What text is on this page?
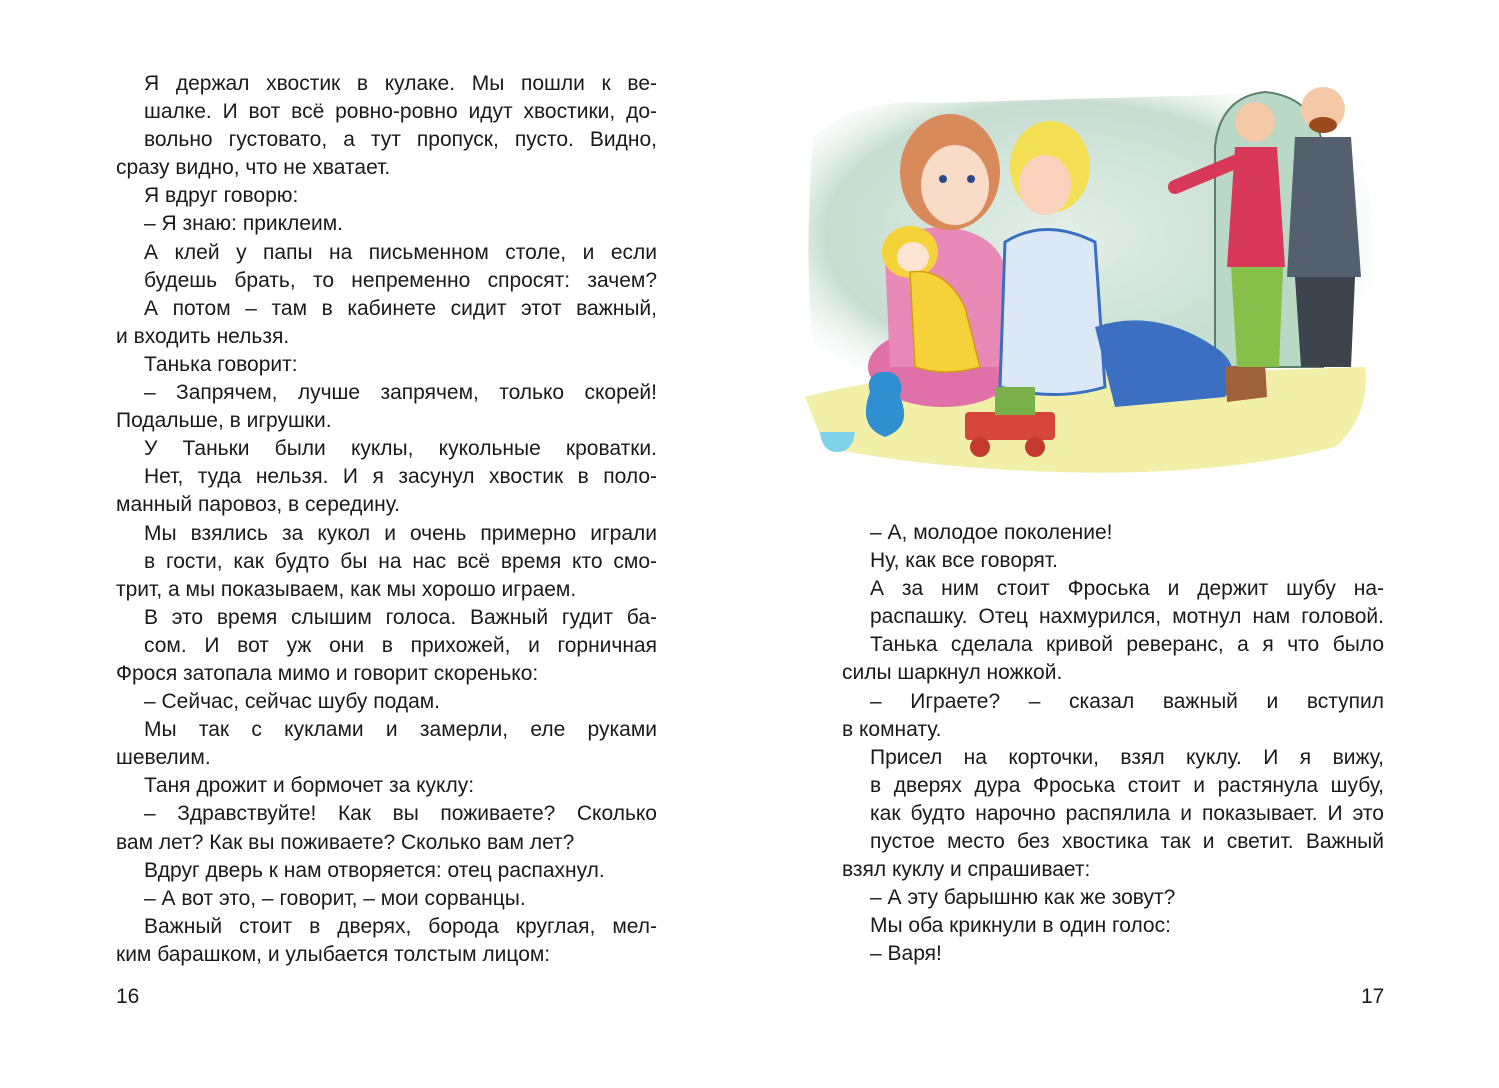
Я держал хвостик в кулаке. Мы пошли к ве-
шалке. И вот всё ровно-ровно идут хвостики, до-
вольно густовато, а тут пропуск, пусто. Видно,
сразу видно, что не хватает.

Я вдруг говорю:

– Я знаю: приклеим.

А клей у папы на письменном столе, и если
будешь брать, то непременно спросят: зачем?
А потом – там в кабинете сидит этот важный,
и входить нельзя.

Танька говорит:

– Запрячем, лучше запрячем, только скорей!
Подальше, в игрушки.

У Таньки были куклы, кукольные кроватки.
Нет, туда нельзя. И я засунул хвостик в поло-
манный паровоз, в середину.

Мы взялись за кукол и очень примерно играли
в гости, как будто бы на нас всё время кто смо-
трит, а мы показываем, как мы хорошо играем.

В это время слышим голоса. Важный гудит ба-
сом. И вот уж они в прихожей, и горничная
Фрося затопала мимо и говорит скоренько:

– Сейчас, сейчас шубу подам.

Мы так с куклами и замерли, еле руками
шевелим.

Таня дрожит и бормочет за куклу:

– Здравствуйте! Как вы поживаете? Сколько
вам лет? Как вы поживаете? Сколько вам лет?

Вдруг дверь к нам отворяется: отец распахнул.

– А вот это, – говорит, – мои сорванцы.

Важный стоит в дверях, борода круглая, мел-
ким барашком, и улыбается толстым лицом:

– А, молодое поколение!

Ну, как все говорят.

А за ним стоит Фроська и держит шубу на-
распашку. Отец нахмурился, мотнул нам головой.
Танька сделала кривой реверанс, а я что было
силы шаркнул ножкой.

– Играете? – сказал важный и вступил
в комнату.

Присел на корточки, взял куклу. И я вижу,
в дверях дура Фроська стоит и растянула шубу,
как будто нарочно распялила и показывает. И это
пустое место без хвостика так и светит. Важный
взял куклу и спрашивает:

– А эту барышню как же зовут?

Мы оба крикнули в один голос:

– Варя!

16	17
